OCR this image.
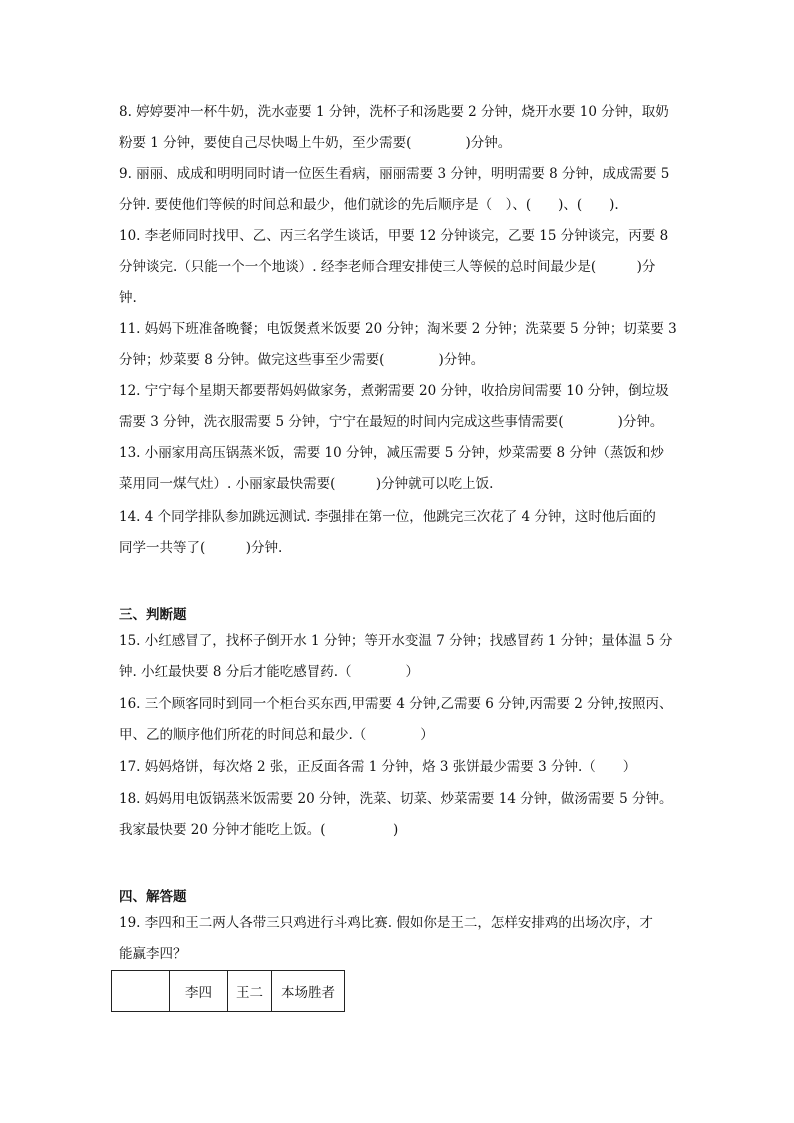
8. 婷婷要冲一杯牛奶，洗水壶要 1 分钟，洗杯子和汤匙要 2 分钟，烧开水要 10 分钟，取奶
粉要 1 分钟，要使自己尽快喝上牛奶，至少需要(　　　　)分钟。
9. 丽丽、成成和明明同时请一位医生看病，丽丽需要 3 分钟，明明需要 8 分钟，成成需要 5
分钟. 要使他们等候的时间总和最少，他们就诊的先后顺序是（　）、(　　)、(　　).
10. 李老师同时找甲、乙、丙三名学生谈话，甲要 12 分钟谈完，乙要 15 分钟谈完，丙要 8
分钟谈完.（只能一个一个地谈）. 经李老师合理安排使三人等候的总时间最少是(　　　)分
钟.
11. 妈妈下班准备晚餐；电饭煲煮米饭要 20 分钟；淘米要 2 分钟；洗菜要 5 分钟；切菜要 3
分钟；炒菜要 8 分钟。做完这些事至少需要(　　　　)分钟。
12. 宁宁每个星期天都要帮妈妈做家务，煮粥需要 20 分钟，收拾房间需要 10 分钟，倒垃圾
需要 3 分钟，洗衣服需要 5 分钟，宁宁在最短的时间内完成这些事情需要(　　　　)分钟。
13. 小丽家用高压锅蒸米饭，需要 10 分钟，减压需要 5 分钟，炒菜需要 8 分钟（蒸饭和炒
菜用同一煤气灶）. 小丽家最快需要(　　　)分钟就可以吃上饭.
14. 4 个同学排队参加跳远测试. 李强排在第一位，他跳完三次花了 4 分钟，这时他后面的
同学一共等了(　　　)分钟.
三、判断题
15. 小红感冒了，找杯子倒开水 1 分钟；等开水变温 7 分钟；找感冒药 1 分钟；量体温 5 分
钟. 小红最快要 8 分后才能吃感冒药.（　　　　）
16. 三个顾客同时到同一个柜台买东西,甲需要 4 分钟,乙需要 6 分钟,丙需要 2 分钟,按照丙、
甲、乙的顺序他们所花的时间总和最少.（　　　　）
17. 妈妈烙饼，每次烙 2 张，正反面各需 1 分钟，烙 3 张饼最少需要 3 分钟.（　　）
18. 妈妈用电饭锅蒸米饭需要 20 分钟，洗菜、切菜、炒菜需要 14 分钟，做汤需要 5 分钟。
我家最快要 20 分钟才能吃上饭。(　　　　　)
四、解答题
19. 李四和王二两人各带三只鸡进行斗鸡比赛. 假如你是王二，怎样安排鸡的出场次序，才
能赢李四？
	李四	王二	本场胜者
